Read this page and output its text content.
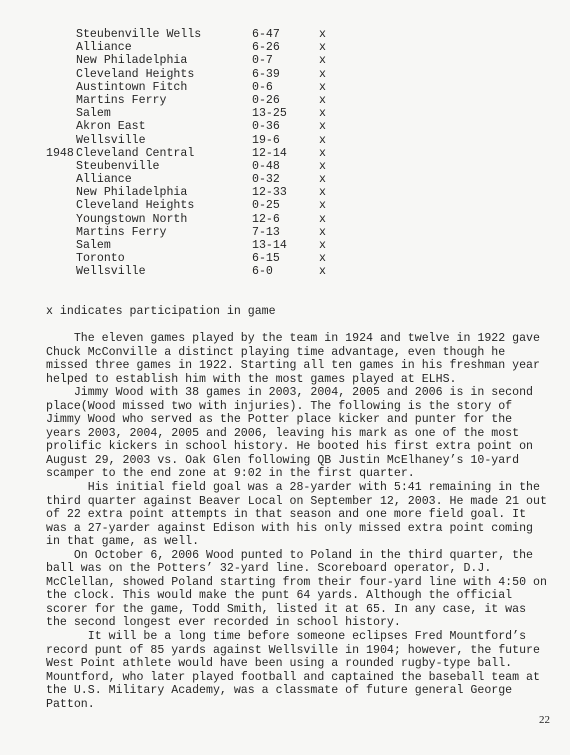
Steubenville Wells	6-47	x
Alliance	6-26	x
New Philadelphia	0-7	x
Cleveland Heights	6-39	x
Austintown Fitch	0-6	x
Martins Ferry	0-26	x
Salem	13-25	x
Akron East	0-36	x
Wellsville	19-6	x
1948 Cleveland Central	12-14	x
Steubenville	0-48	x
Alliance	0-32	x
New Philadelphia	12-33	x
Cleveland Heights	0-25	x
Youngstown North	12-6	x
Martins Ferry	7-13	x
Salem	13-14	x
Toronto	6-15	x
Wellsville	6-0	x
x indicates participation in game
The eleven games played by the team in 1924 and twelve in 1922 gave
Chuck McConville a distinct playing time advantage, even though he
missed three games in 1922. Starting all ten games in his freshman year
helped to establish him with the most games played at ELHS.
Jimmy Wood with 38 games in 2003, 2004, 2005 and 2006 is in second
place(Wood missed two with injuries). The following is the story of
Jimmy Wood who served as the Potter place kicker and punter for the
years 2003, 2004, 2005 and 2006, leaving his mark as one of the most
prolific kickers in school history. He booted his first extra point on
August 29, 2003 vs. Oak Glen following QB Justin McElhaney’s 10-yard
scamper to the end zone at 9:02 in the first quarter.
His initial field goal was a 28-yarder with 5:41 remaining in the
third quarter against Beaver Local on September 12, 2003. He made 21 out
of 22 extra point attempts in that season and one more field goal. It
was a 27-yarder against Edison with his only missed extra point coming
in that game, as well.
On October 6, 2006 Wood punted to Poland in the third quarter, the
ball was on the Potters’ 32-yard line. Scoreboard operator, D.J.
McClellan, showed Poland starting from their four-yard line with 4:50 on
the clock. This would make the punt 64 yards. Although the official
scorer for the game, Todd Smith, listed it at 65. In any case, it was
the second longest ever recorded in school history.
It will be a long time before someone eclipses Fred Mountford’s
record punt of 85 yards against Wellsville in 1904; however, the future
West Point athlete would have been using a rounded rugby-type ball.
Mountford, who later played football and captained the baseball team at
the U.S. Military Academy, was a classmate of future general George
Patton.
22
